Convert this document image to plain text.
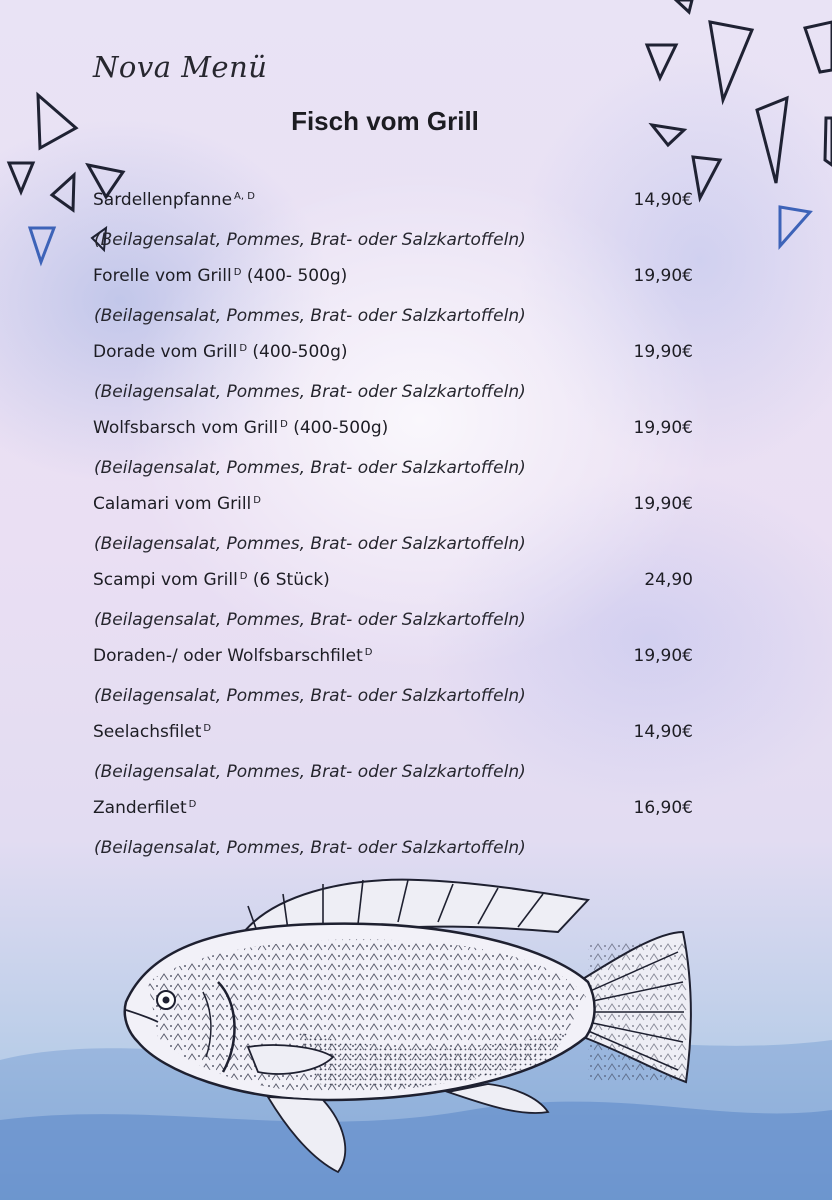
Nova Menü
Fisch vom Grill
Sardellenpfanne $^{A, D}$	14,90€
(Beilagensalat, Pommes, Brat- oder Salzkartoffeln)
Forelle vom Grill $^D$ (400- 500g)	19,90€
(Beilagensalat, Pommes, Brat- oder Salzkartoffeln)
Dorade vom Grill $^D$ (400-500g)	19,90€
(Beilagensalat, Pommes, Brat- oder Salzkartoffeln)
Wolfsbarsch vom Grill $^D$ (400-500g)	19,90€
(Beilagensalat, Pommes, Brat- oder Salzkartoffeln)
Calamari vom Grill $^D$	19,90€
(Beilagensalat, Pommes, Brat- oder Salzkartoffeln)
Scampi vom Grill $^D$ (6 Stück)	24,90
(Beilagensalat, Pommes, Brat- oder Salzkartoffeln)
Doraden-/ oder Wolfsbarschfilet $^D$	19,90€
(Beilagensalat, Pommes, Brat- oder Salzkartoffeln)
Seelachsfilet $^D$	14,90€
(Beilagensalat, Pommes, Brat- oder Salzkartoffeln)
Zanderfilet $^D$	16,90€
(Beilagensalat, Pommes, Brat- oder Salzkartoffeln)
